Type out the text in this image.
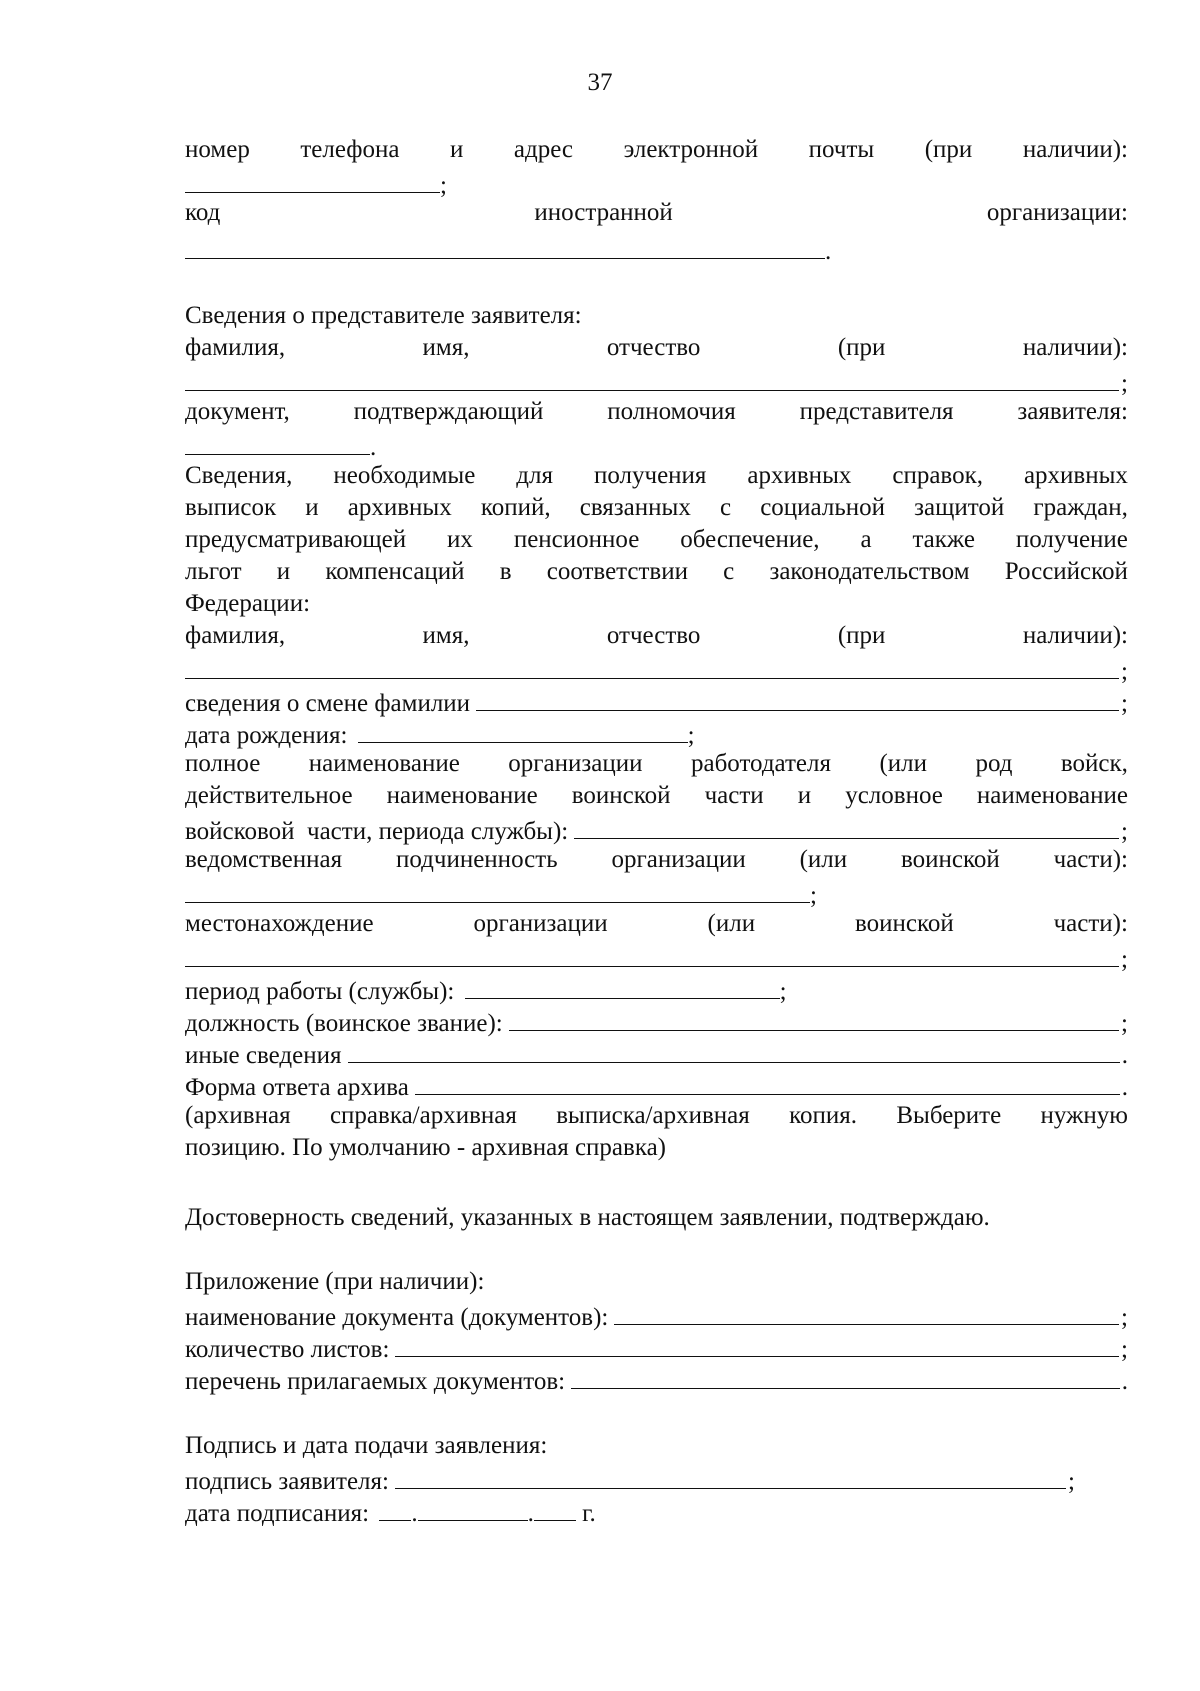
37
номер телефона и адрес электронной почты (при наличии):
;
код	иностранной	организации:
.
Сведения о представителе заявителя:
фамилия,	имя,	отчество	(при	наличии):
;
документ,	подтверждающий	полномочия	представителя	заявителя:
.
Сведения, необходимые для получения архивных справок, архивных
выписок и архивных копий, связанных с социальной защитой граждан,
предусматривающей их пенсионное обеспечение, а также получение
льгот и компенсаций в соответствии с законодательством Российской
Федерации:
фамилия,	имя,	отчество	(при	наличии):
;
сведения о смене фамилии	;
дата рождения:	;
полное наименование организации работодателя (или род войск,
действительное наименование воинской части и условное наименование
войсковой  части, периода службы):	;
ведомственная подчиненность организации (или воинской части):
;
местонахождение	организации	(или	воинской	части):
;
период работы (службы):	;
должность (воинское звание):	;
иные сведения	.
Форма ответа архива	.
(архивная справка/архивная выписка/архивная копия. Выберите нужную
позицию. По умолчанию - архивная справка)
Достоверность сведений, указанных в настоящем заявлении, подтверждаю.
Приложение (при наличии):
наименование документа (документов):	;
количество листов:	;
перечень прилагаемых документов:	.
Подпись и дата подачи заявления:
подпись заявителя:	;
дата подписания: .	. г.
